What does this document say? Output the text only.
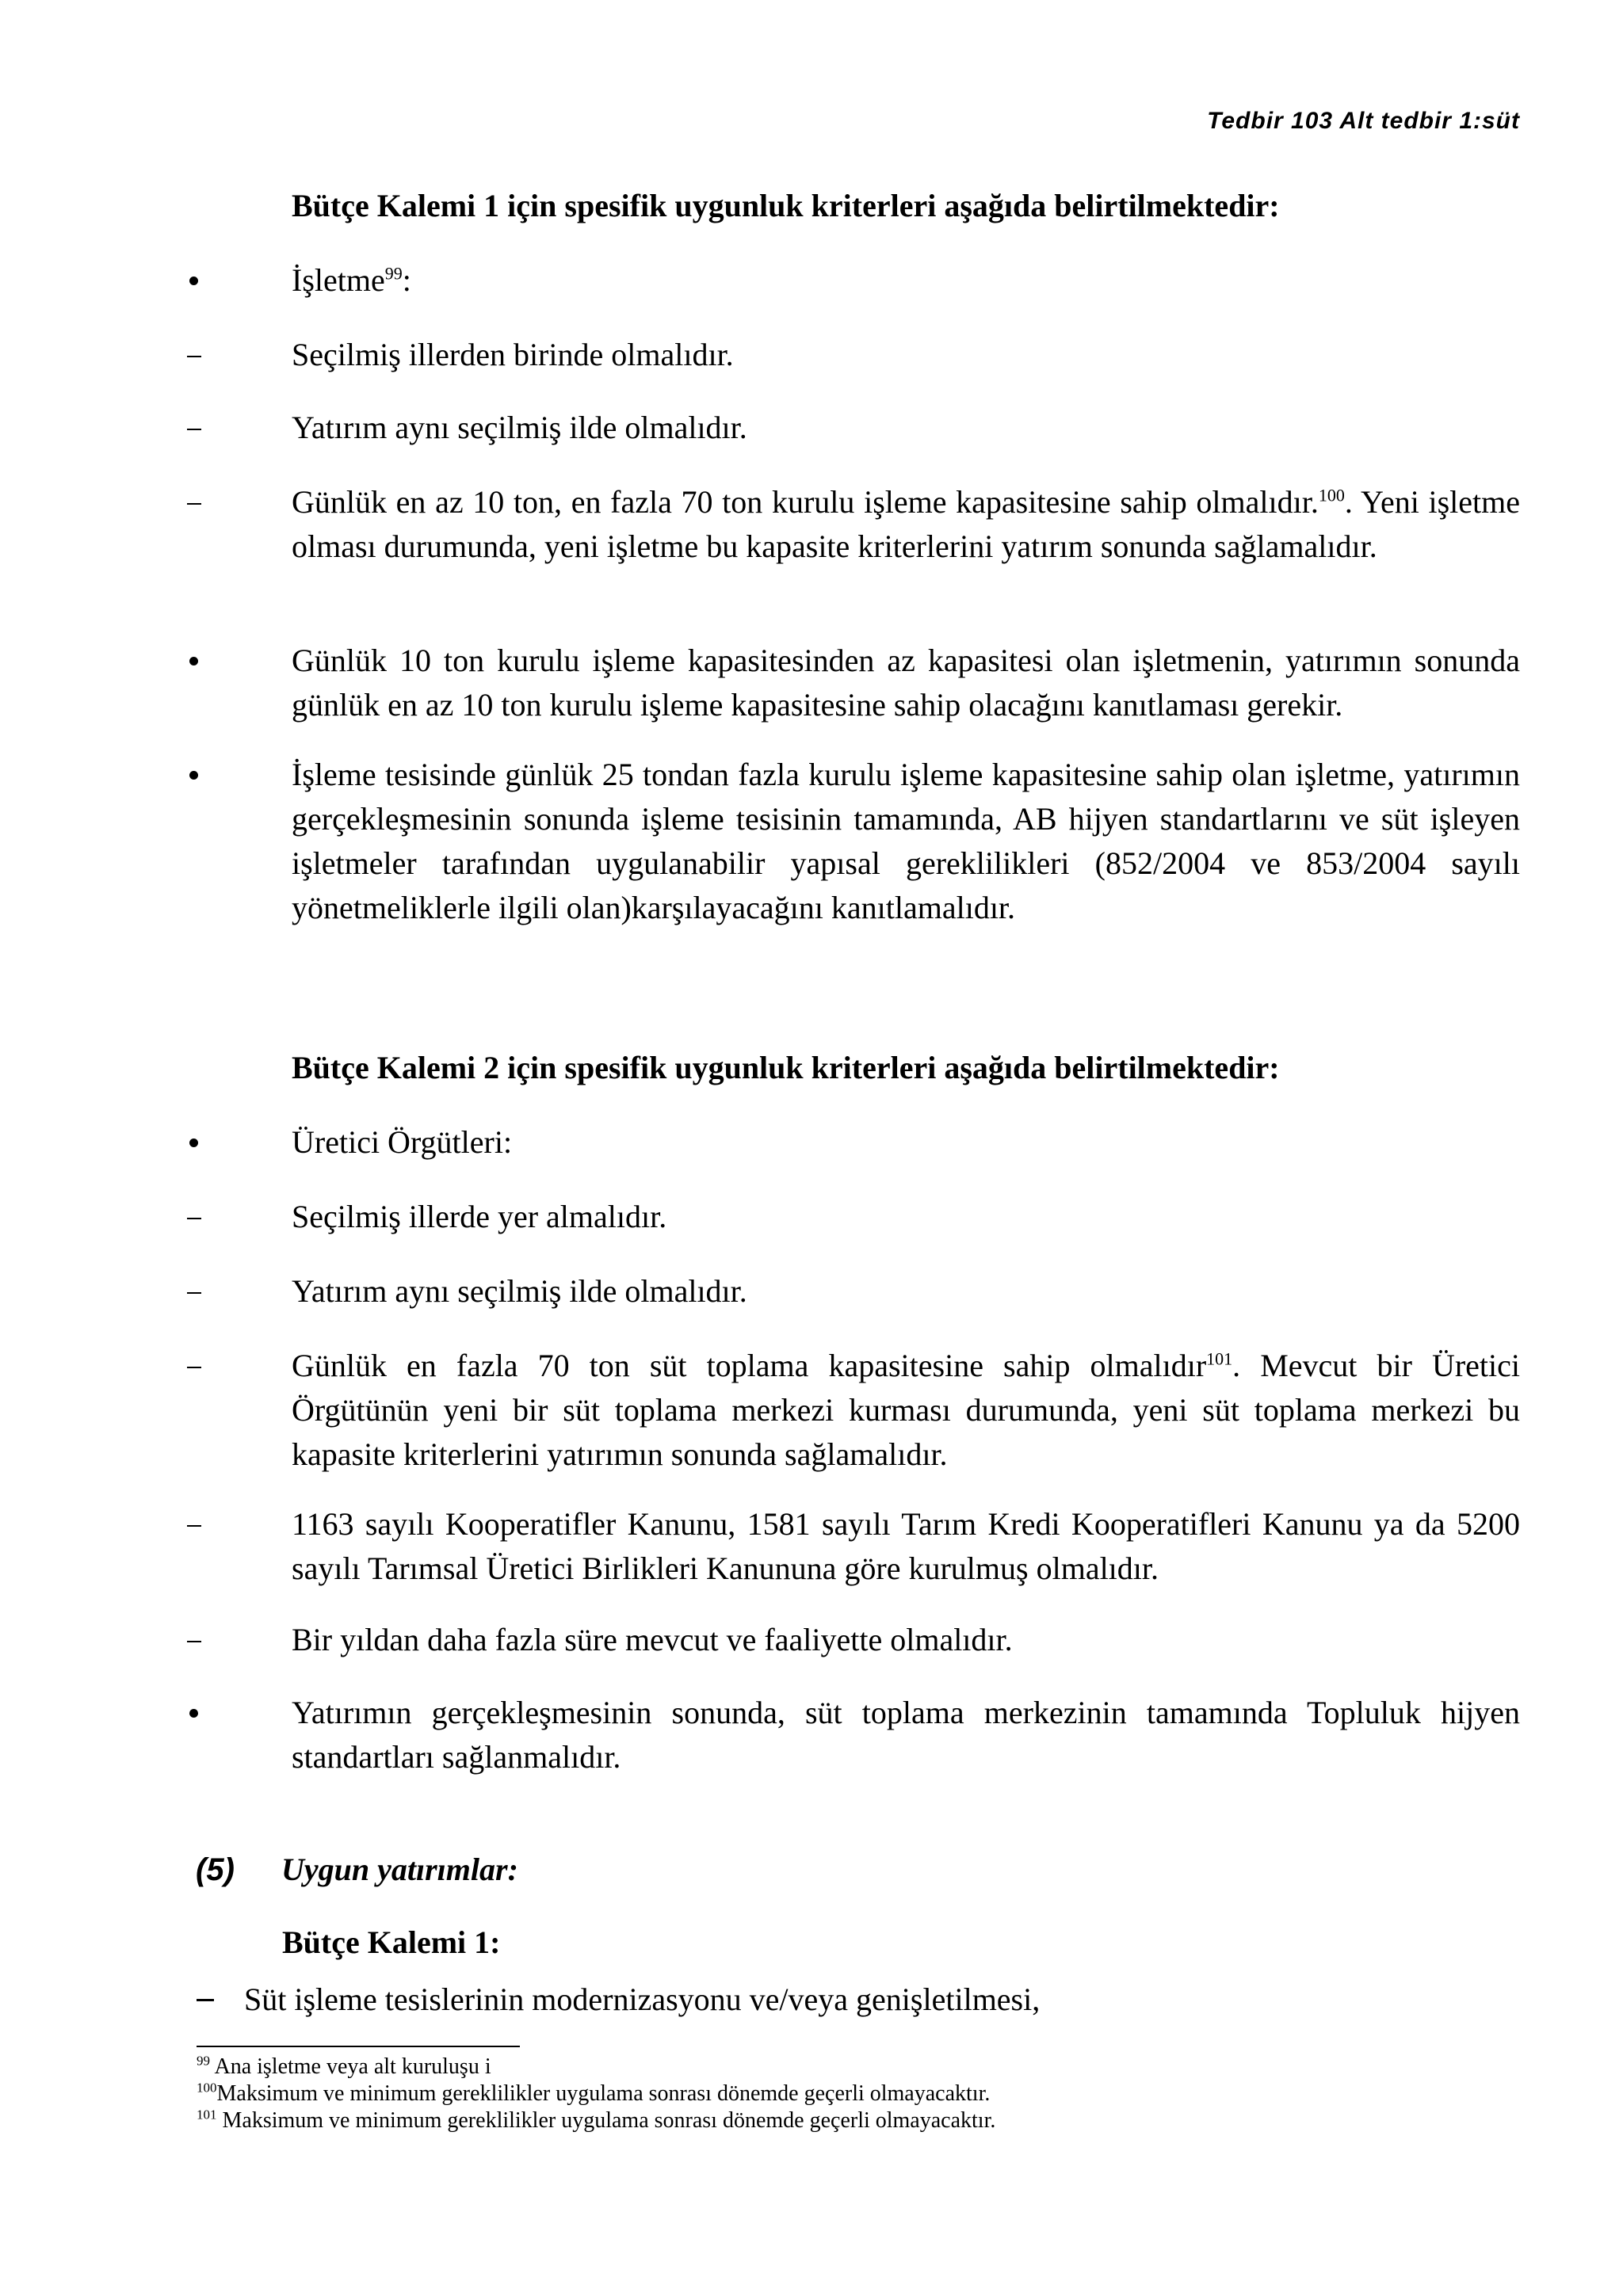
Tedbir 103 Alt tedbir 1:süt
Bütçe Kalemi 1 için spesifik uygunluk kriterleri aşağıda belirtilmektedir:
İşletme$^{99}$:
Seçilmiş illerden birinde olmalıdır.
Yatırım aynı seçilmiş ilde olmalıdır.
Günlük en az 10 ton, en fazla 70 ton kurulu işleme kapasitesine sahip olmalıdır.$^{100}$. Yeni işletme olması durumunda, yeni işletme bu kapasite kriterlerini yatırım sonunda sağlamalıdır.
Günlük 10 ton kurulu işleme kapasitesinden az kapasitesi olan işletmenin, yatırımın sonunda günlük en az 10 ton kurulu işleme kapasitesine sahip olacağını kanıtlaması gerekir.
İşleme tesisinde günlük 25 tondan fazla kurulu işleme kapasitesine sahip olan işletme, yatırımın gerçekleşmesinin sonunda işleme tesisinin tamamında, AB hijyen standartlarını ve süt işleyen işletmeler tarafından uygulanabilir yapısal gereklilikleri (852/2004 ve 853/2004 sayılı yönetmeliklerle ilgili olan)karşılayacağını kanıtlamalıdır.
Bütçe Kalemi 2 için spesifik uygunluk kriterleri aşağıda belirtilmektedir:
Üretici Örgütleri:
Seçilmiş illerde yer almalıdır.
Yatırım aynı seçilmiş ilde olmalıdır.
Günlük en fazla 70 ton süt toplama kapasitesine sahip olmalıdır$^{101}$. Mevcut bir Üretici Örgütünün yeni bir süt toplama merkezi kurması durumunda, yeni süt toplama merkezi bu kapasite kriterlerini yatırımın sonunda sağlamalıdır.
1163 sayılı Kooperatifler Kanunu, 1581 sayılı Tarım Kredi Kooperatifleri Kanunu ya da 5200 sayılı Tarımsal Üretici Birlikleri Kanununa göre kurulmuş olmalıdır.
Bir yıldan daha fazla süre mevcut ve faaliyette olmalıdır.
Yatırımın gerçekleşmesinin sonunda, süt toplama merkezinin tamamında Topluluk hijyen standartları sağlanmalıdır.
(5) Uygun yatırımlar:
Bütçe Kalemi 1:
Süt işleme tesislerinin modernizasyonu ve/veya genişletilmesi,
$^{99}$ Ana işletme veya alt kuruluşu i
$^{100}$Maksimum ve minimum gereklilikler uygulama sonrası dönemde geçerli olmayacaktır.
$^{101}$ Maksimum ve minimum gereklilikler uygulama sonrası dönemde geçerli olmayacaktır.
